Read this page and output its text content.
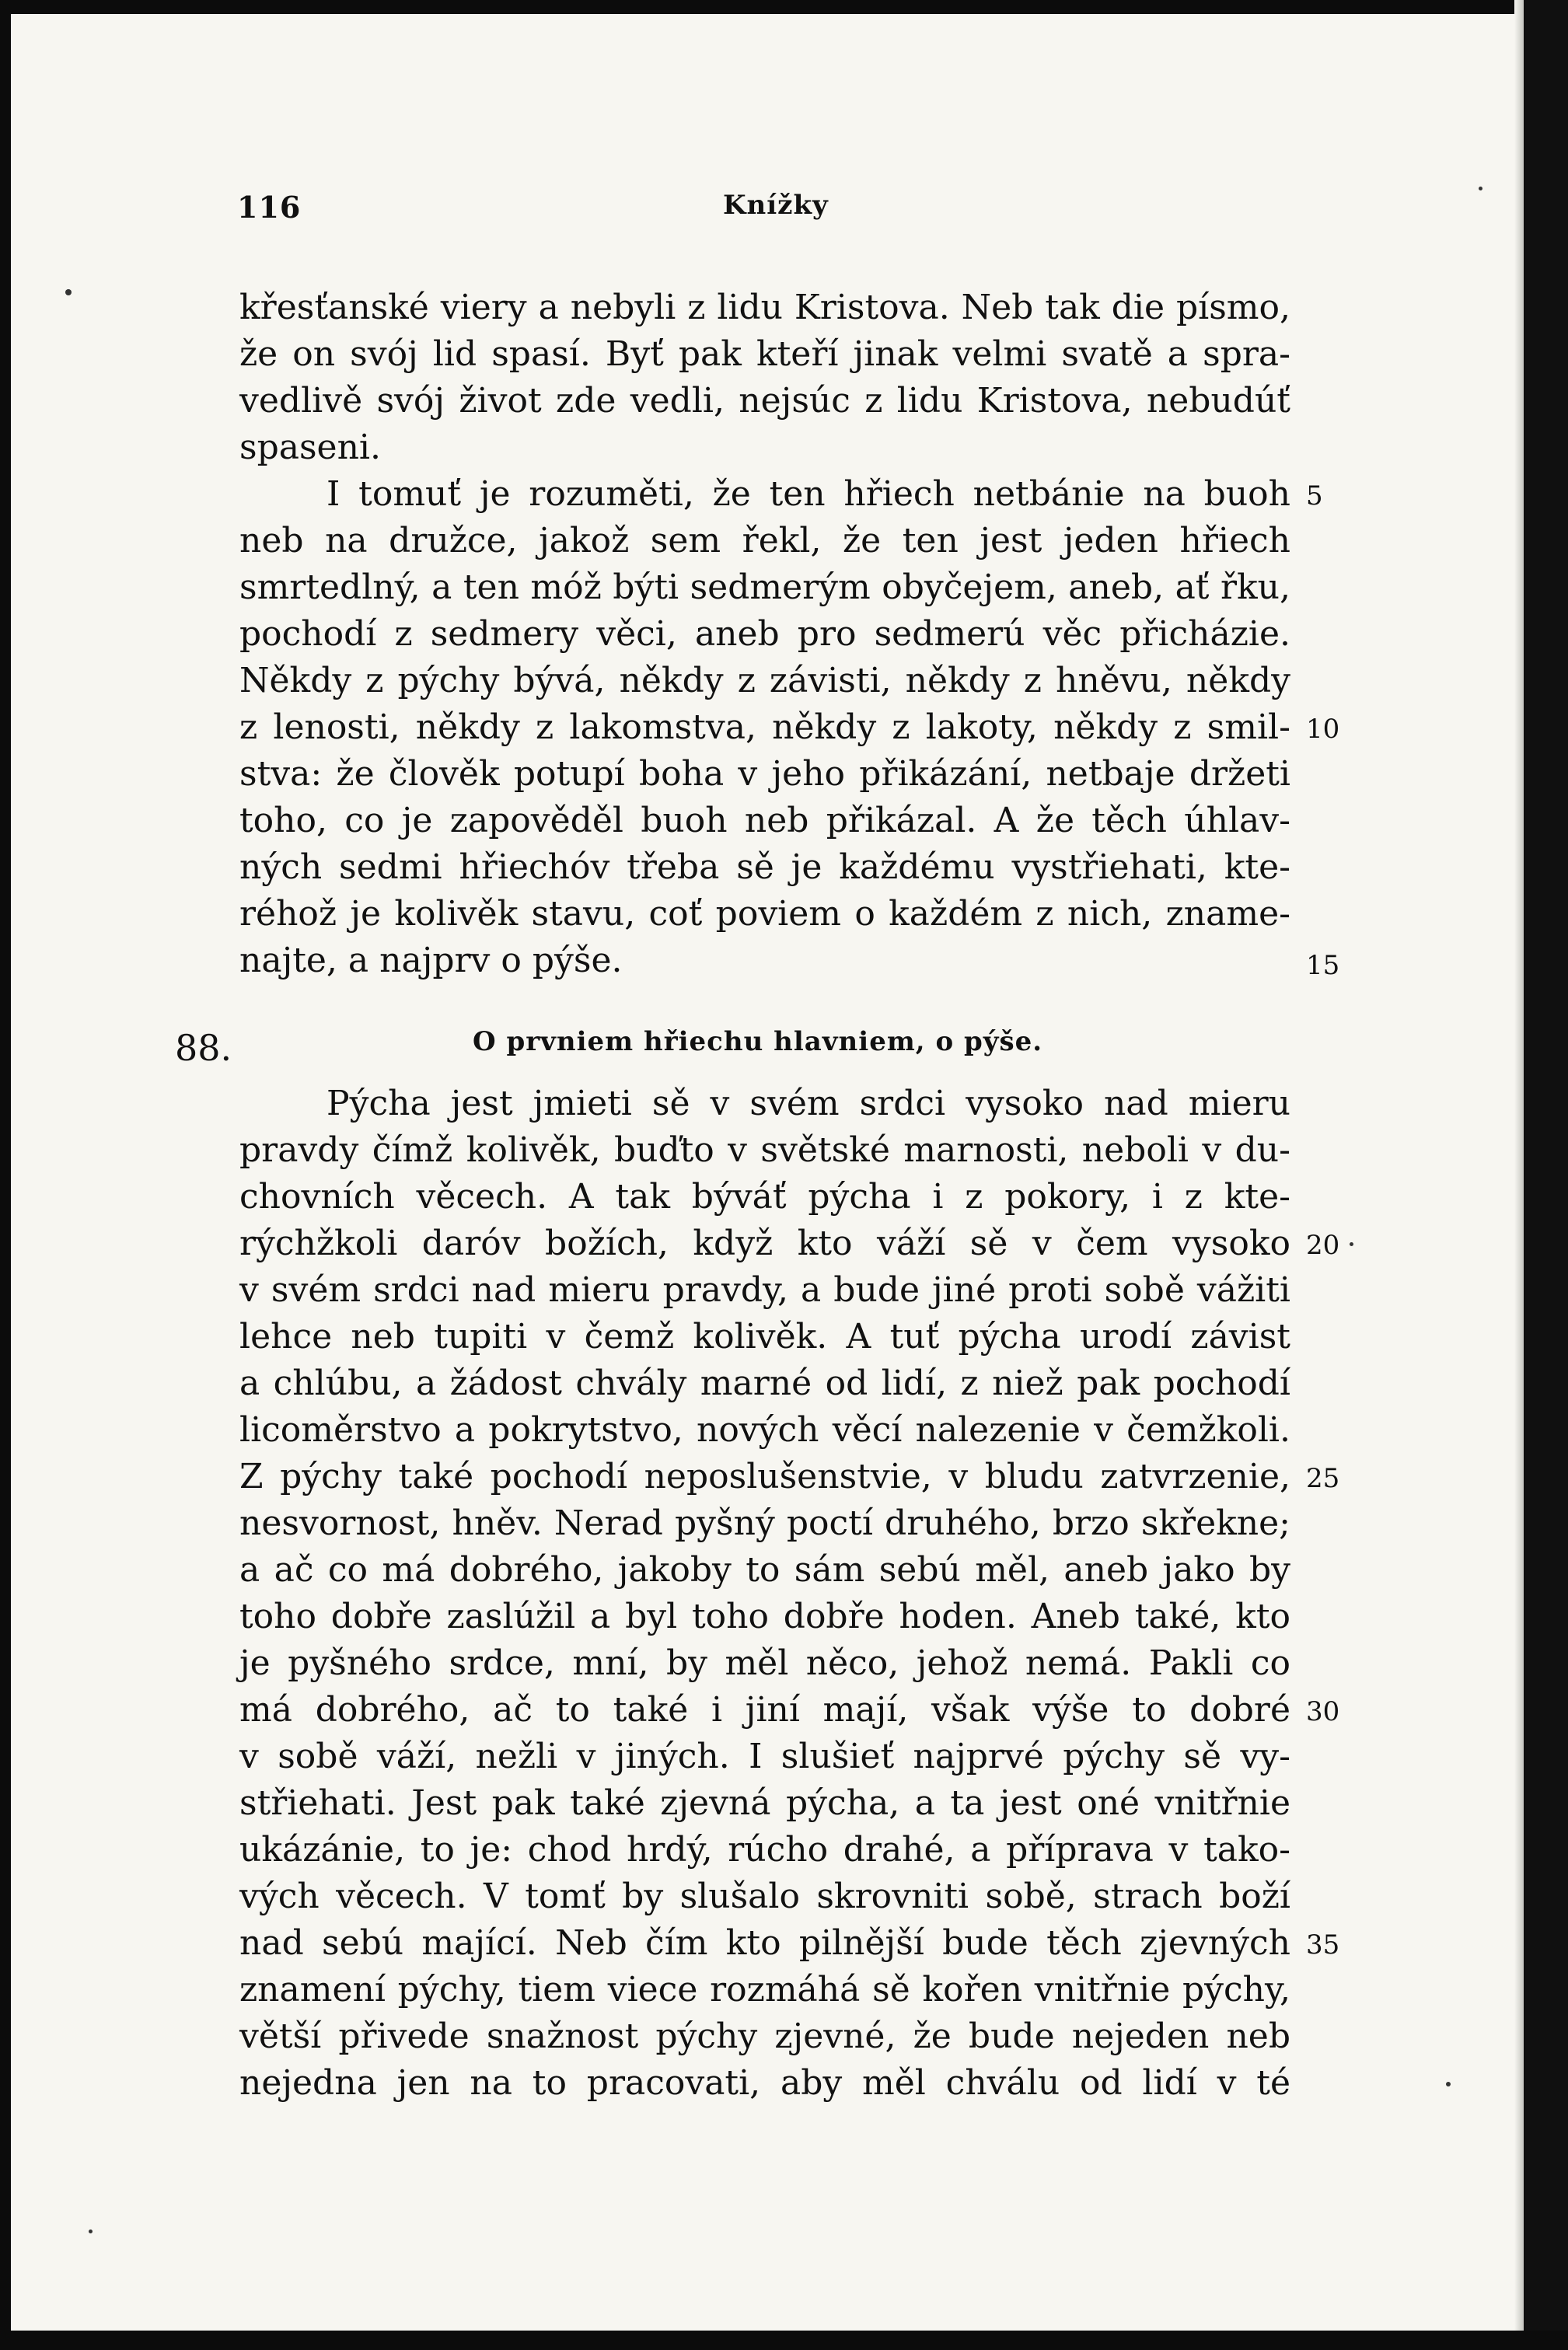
116	Knížky
křesťanské viery a nebyli z lidu Kristova. Neb tak die písmo,
že on svój lid spasí. Byť pak kteří jinak velmi svatě a spra-
vedlivě svój život zde vedli, nejsúc z lidu Kristova, nebudúť
spaseni.
I tomuť je rozuměti, že ten hřiech netbánie na buoh
neb na družce, jakož sem řekl, že ten jest jeden hřiech
smrtedlný, a ten móž býti sedmerým obyčejem, aneb, ať řku,
pochodí z sedmery věci, aneb pro sedmerú věc přicházie.
Někdy z pýchy bývá, někdy z závisti, někdy z hněvu, někdy
z lenosti, někdy z lakomstva, někdy z lakoty, někdy z smil-
stva: že člověk potupí boha v jeho přikázání, netbaje držeti
toho, co je zapověděl buoh neb přikázal. A že těch úhlav-
ných sedmi hřiechóv třeba sě je každému vystřiehati, kte-
réhož je kolivěk stavu, coť poviem o každém z nich, zname-
najte, a najprv o pýše.
88.	O prvniem hřiechu hlavniem, o pýše.
Pýcha jest jmieti sě v svém srdci vysoko nad mieru
pravdy čímž kolivěk, buďto v světské marnosti, neboli v du-
chovních věcech. A tak býváť pýcha i z pokory, i z kte-
rýchžkoli daróv božích, když kto váží sě v čem vysoko
v svém srdci nad mieru pravdy, a bude jiné proti sobě vážiti
lehce neb tupiti v čemž kolivěk. A tuť pýcha urodí závist
a chlúbu, a žádost chvály marné od lidí, z niež pak pochodí
licoměrstvo a pokrytstvo, nových věcí nalezenie v čemžkoli.
Z pýchy také pochodí neposlušenstvie, v bludu zatvrzenie,
nesvornost, hněv. Nerad pyšný poctí druhého, brzo skřekne;
a ač co má dobrého, jakoby to sám sebú měl, aneb jako by
toho dobře zaslúžil a byl toho dobře hoden. Aneb také, kto
je pyšného srdce, mní, by měl něco, jehož nemá. Pakli co
má dobrého, ač to také i jiní mají, však výše to dobré
v sobě váží, nežli v jiných. I slušieť najprvé pýchy sě vy-
střiehati. Jest pak také zjevná pýcha, a ta jest oné vnitřnie
ukázánie, to je: chod hrdý, rúcho drahé, a příprava v tako-
vých věcech. V tomť by slušalo skrovniti sobě, strach boží
nad sebú mající. Neb čím kto pilnější bude těch zjevných
znamení pýchy, tiem viece rozmáhá sě kořen vnitřnie pýchy,
větší přivede snažnost pýchy zjevné, že bude nejeden neb
nejedna jen na to pracovati, aby měl chválu od lidí v té
5
10
15
20
25
30
35
